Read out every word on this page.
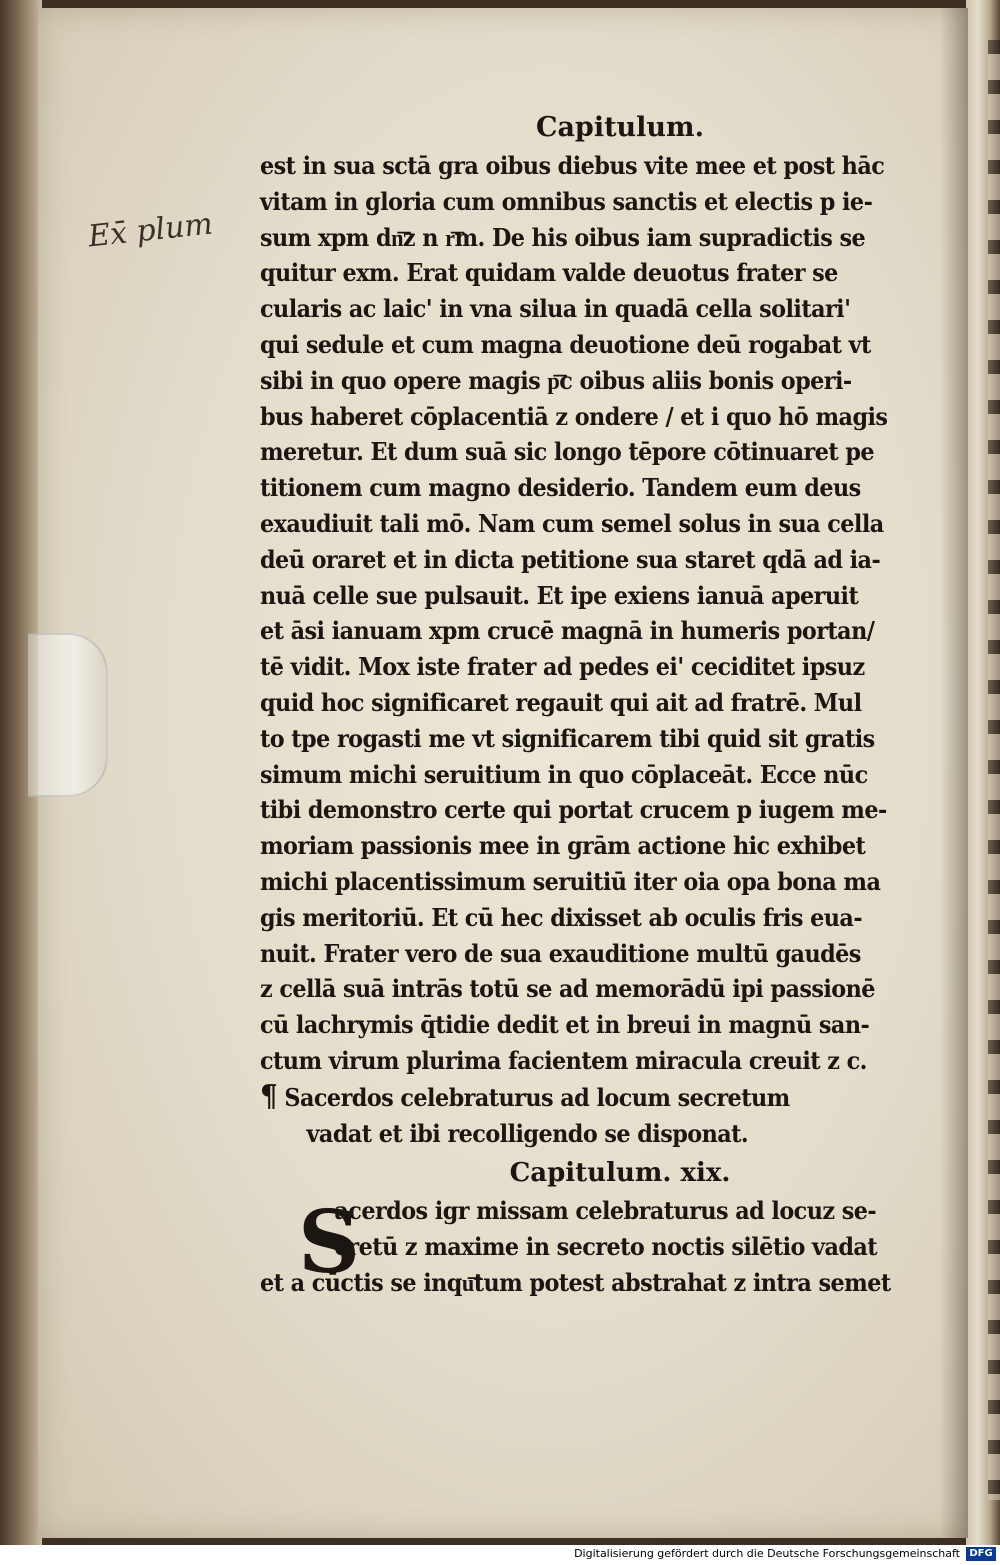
Ex̄ plum
Capitulum.
est in sua sctā gra oibus diebus vite mee et post hāc
vitam in gloria cum omnibus sanctis et electis p ie-
sum xpm dn͞z n r͞m. De his oibus iam supradictis se
quitur exm. Erat quidam valde deuotus frater se
cularis ac laic' in vna silua in quadā cella solitari'
qui sedule et cum magna deuotione deū rogabat vt
sibi in quo opere magis p͞c oibus aliis bonis operi-
bus haberet cōplacentiā z ondere / et i quo hō magis
meretur. Et dum suā sic longo tēpore cōtinuaret pe
titionem cum magno desiderio. Tandem eum deus
exaudiuit tali mō. Nam cum semel solus in sua cella
deū oraret et in dicta petitione sua staret qdā ad ia-
nuā celle sue pulsauit. Et ipe exiens ianuā aperuit
et āsi ianuam xpm crucē magnā in humeris portan/
tē vidit. Mox iste frater ad pedes ei' ceciditet ipsuz
quid hoc significaret regauit qui ait ad fratrē. Mul
to tpe rogasti me vt significarem tibi quid sit gratis
simum michi seruitium in quo cōplaceāt. Ecce nūc
tibi demonstro certe qui portat crucem p iugem me-
moriam passionis mee in grām actione hic exhibet
michi placentissimum seruitiū iter oia opa bona ma
gis meritoriū. Et cū hec dixisset ab oculis fris eua-
nuit. Frater vero de sua exauditione multū gaudēs
z cellā suā intrās totū se ad memorādū ipi passionē
cū lachrymis q̄tidie dedit et in breui in magnū san-
ctum virum plurima facientem miracula creuit z c.
¶ Sacerdos celebraturus ad locum secretum
vadat et ibi recolligendo se disponat.
Capitulum. xix.
S
acerdos igr missam celebraturus ad locuz se-
cretū z maxime in secreto noctis silētio vadat
et a cūctis se inqu͞tum potest abstrahat z intra semet
Digitalisierung gefördert durch die Deutsche Forschungsgemeinschaft DFG
